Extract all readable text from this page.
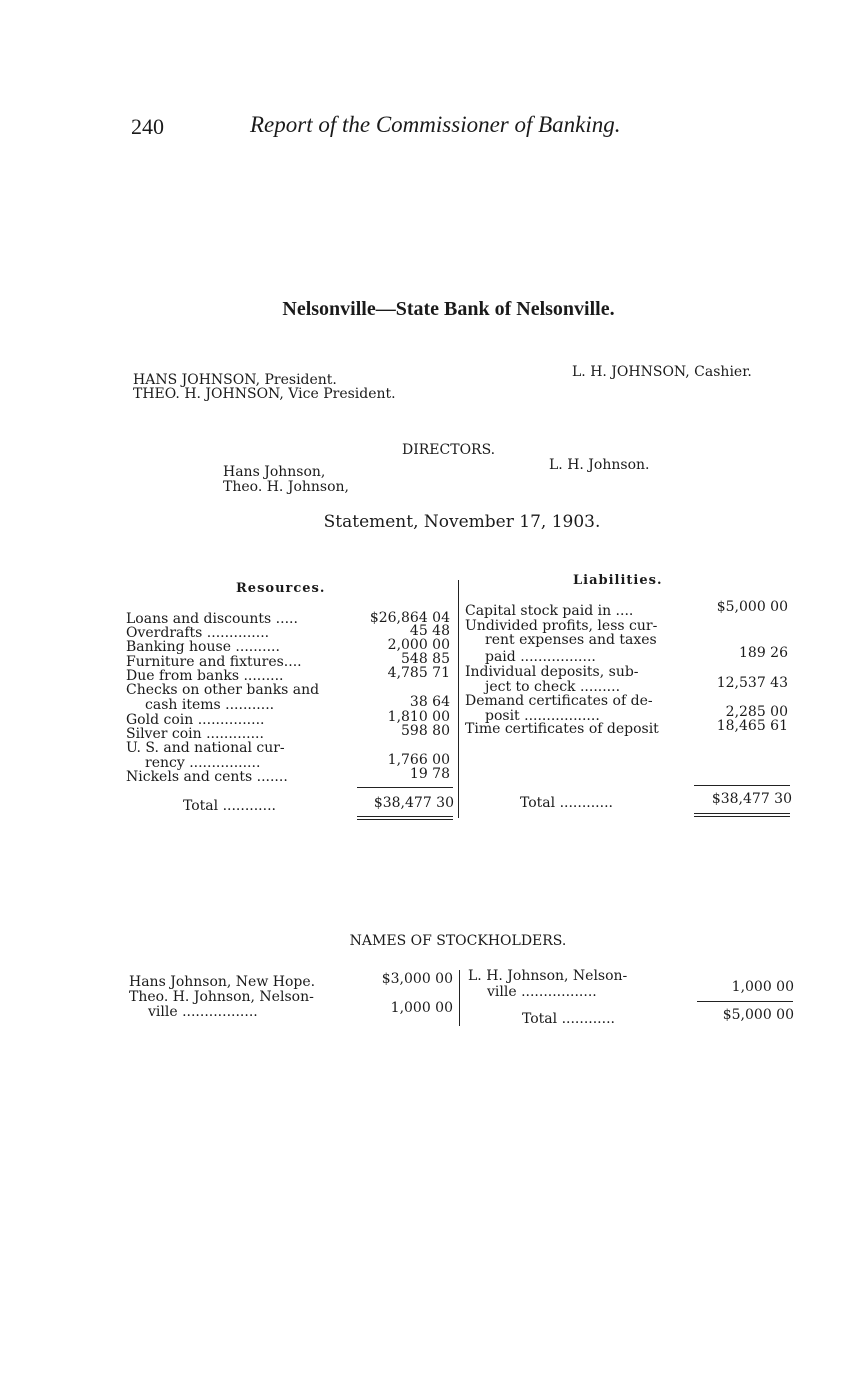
240	Report of the Commissioner of Banking.
Nelsonville—State Bank of Nelsonville.
HANS JOHNSON, President.
THEO. H. JOHNSON, Vice President.
L. H. JOHNSON, Cashier.
DIRECTORS.
Hans Johnson,
Theo. H. Johnson,
L. H. Johnson.
Statement, November 17, 1903.
Resources.
Liabilities.
Loans and discounts .....	$26,864 04
Overdrafts ..............	45 48
Banking house ..........	2,000 00
Furniture and fixtures....	548 85
Due from banks .........	4,785 71
Checks on other banks and
cash items ...........	38 64
Gold coin ...............	1,810 00
Silver coin .............	598 80
U. S. and national cur-
rency ................	1,766 00
Nickels and cents .......	19 78
Total ............	$38,477 30
Capital stock paid in ....	$5,000 00
Undivided profits, less cur-
rent expenses and taxes
paid .................	189 26
Individual deposits, sub-
ject to check .........	12,537 43
Demand certificates of de-
posit .................	2,285 00
Time certificates of deposit	18,465 61
Total ............	$38,477 30
NAMES OF STOCKHOLDERS.
Hans Johnson, New Hope.	$3,000 00
Theo. H. Johnson, Nelson-
ville .................	1,000 00
L. H. Johnson, Nelson-
ville .................	1,000 00
Total ............	$5,000 00
